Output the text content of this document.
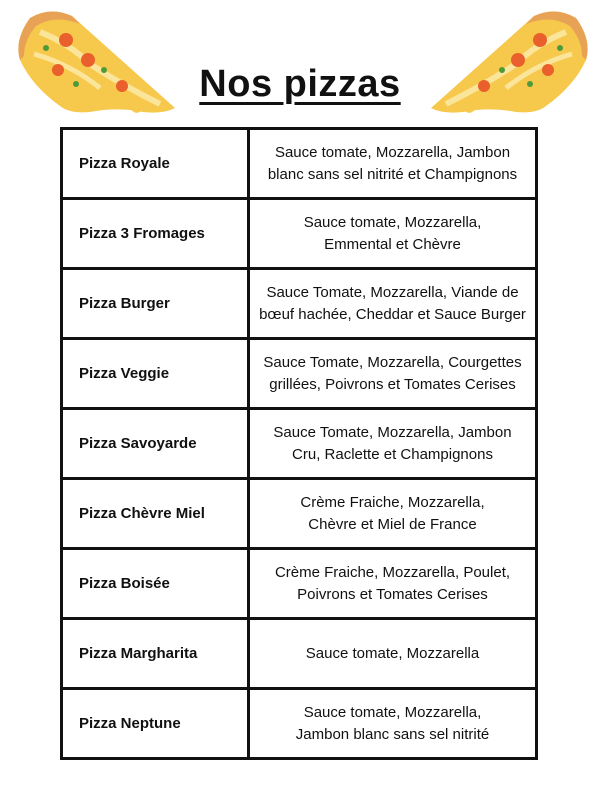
Nos pizzas
Pizza Royale	Sauce tomate, Mozzarella, Jambon
blanc sans sel nitrité et Champignons

Pizza 3 Fromages	Sauce tomate, Mozzarella,
Emmental et Chèvre

Pizza Burger	Sauce Tomate, Mozzarella, Viande de
bœuf hachée, Cheddar et Sauce Burger

Pizza Veggie	Sauce Tomate, Mozzarella, Courgettes
grillées, Poivrons et Tomates Cerises

Pizza Savoyarde	Sauce Tomate, Mozzarella, Jambon
Cru, Raclette et Champignons

Pizza Chèvre Miel	Crème Fraiche, Mozzarella,
Chèvre et Miel de France

Pizza Boisée	Crème Fraiche, Mozzarella, Poulet,
Poivrons et Tomates Cerises

Pizza Margharita	Sauce tomate, Mozzarella

Pizza Neptune	Sauce tomate, Mozzarella,
Jambon blanc sans sel nitrité
